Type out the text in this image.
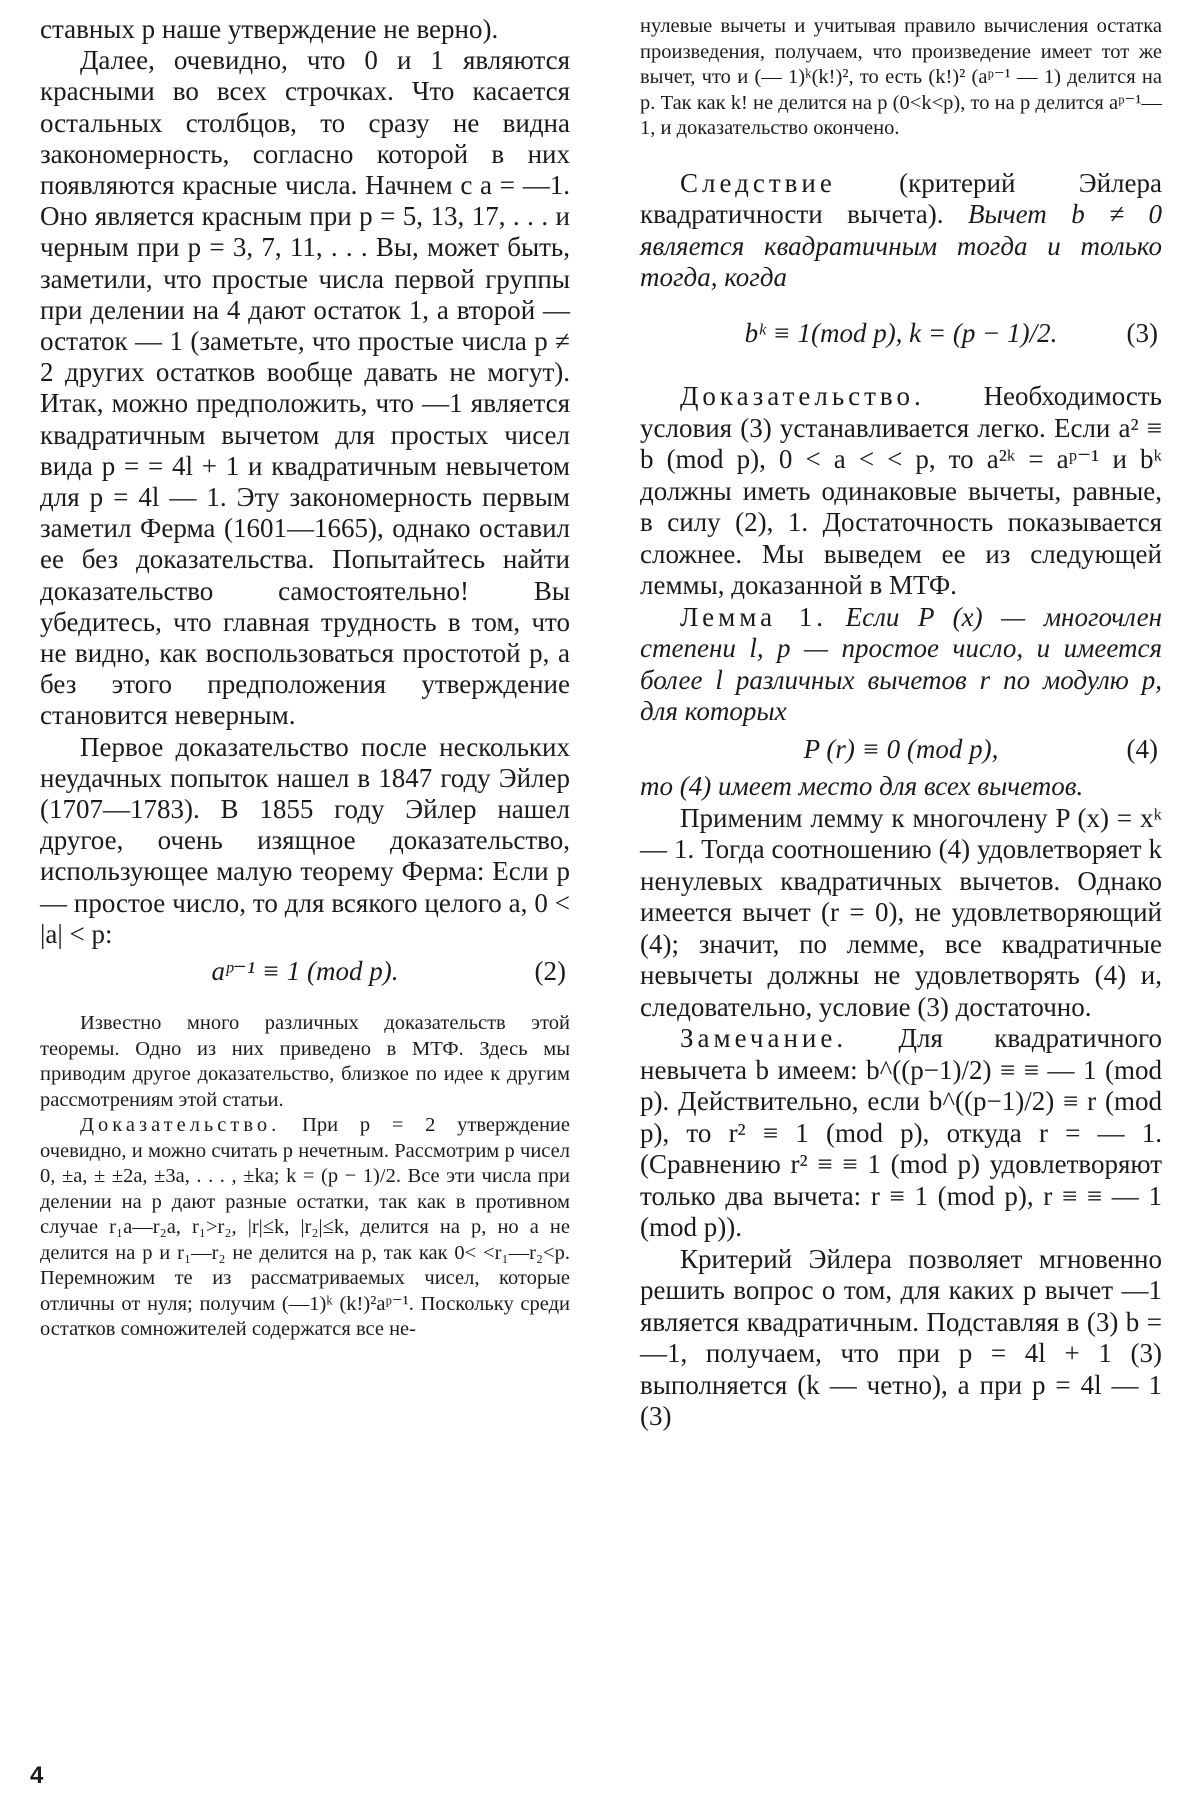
ставных p наше утверждение не верно).

Далее, очевидно, что 0 и 1 являются красными во всех строчках. Что касается остальных столбцов, то сразу не видна закономерность, согласно которой в них появляются красные числа. Начнем с a = —1. Оно является красным при p = 5, 13, 17, . . . и черным при p = 3, 7, 11, . . . Вы, может быть, заметили, что простые числа первой группы при делении на 4 дают остаток 1, а второй — остаток — 1 (заметьте, что простые числа p ≠ 2 других остатков вообще давать не могут). Итак, можно предположить, что —1 является квадратичным вычетом для простых чисел вида p = = 4l + 1 и квадратичным невычетом для p = 4l — 1. Эту закономерность первым заметил Ферма (1601—1665), однако оставил ее без доказательства. Попытайтесь найти доказательство самостоятельно! Вы убедитесь, что главная трудность в том, что не видно, как воспользоваться простотой p, а без этого предположения утверждение становится неверным.

Первое доказательство после нескольких неудачных попыток нашел в 1847 году Эйлер (1707—1783). В 1855 году Эйлер нашел другое, очень изящное доказательство, использующее малую теорему Ферма: Если p — простое число, то для всякого целого a, 0 < |a| < p:

aᵖ⁻¹ ≡ 1 (mod p).	(2)

Известно много различных доказательств этой теоремы. Одно из них приведено в МТФ. Здесь мы приводим другое доказательство, близкое по идее к другим рассмотрениям этой статьи.

Доказательство. При p = 2 утверждение очевидно, и можно считать p нечетным. Рассмотрим p чисел 0, ±a, ± ±2a, ±3a, . . . , ±ka; k = (p − 1)/2. Все эти числа при делении на p дают разные остатки, так как в противном случае r₁a—r₂a, r₁>r₂, |r|≤k, |r₂|≤k, делится на p, но a не делится на p и r₁—r₂ не делится на p, так как 0< <r₁—r₂<p. Перемножим те из рассматриваемых чисел, которые отличны от нуля; получим (—1)ᵏ (k!)²aᵖ⁻¹. Поскольку среди остатков сомножителей содержатся все не-

нулевые вычеты и учитывая правило вычисления остатка произведения, получаем, что произведение имеет тот же вычет, что и (— 1)ᵏ(k!)², то есть (k!)² (aᵖ⁻¹ — 1) делится на p. Так как k! не делится на p (0<k<p), то на p делится aᵖ⁻¹—1, и доказательство окончено.

Следствие (критерий Эйлера квадратичности вычета). Вычет b ≠ 0 является квадратичным тогда и только тогда, когда

bᵏ ≡ 1(mod p), k = (p − 1)/2.	(3)

Доказательство. Необходимость условия (3) устанавливается легко. Если a² ≡ b (mod p), 0 < a < < p, то a²ᵏ = aᵖ⁻¹ и bᵏ должны иметь одинаковые вычеты, равные, в силу (2), 1. Достаточность показывается сложнее. Мы выведем ее из следующей леммы, доказанной в МТФ.

Лемма 1. Если P (x) — многочлен степени l, p — простое число, и имеется более l различных вычетов r по модулю p, для которых

P (r) ≡ 0 (mod p),	(4)

то (4) имеет место для всех вычетов.

Применим лемму к многочлену P (x) = xᵏ — 1. Тогда соотношению (4) удовлетворяет k ненулевых квадратичных вычетов. Однако имеется вычет (r = 0), не удовлетворяющий (4); значит, по лемме, все квадратичные невычеты должны не удовлетворять (4) и, следовательно, условие (3) достаточно.

Замечание. Для квадратичного невычета b имеем: b^((p−1)/2) ≡ ≡ — 1 (mod p). Действительно, если b^((p−1)/2) ≡ r (mod p), то r² ≡ 1 (mod p), откуда r = — 1. (Сравнению r² ≡ ≡ 1 (mod p) удовлетворяют только два вычета: r ≡ 1 (mod p), r ≡ ≡ — 1 (mod p)).

Критерий Эйлера позволяет мгновенно решить вопрос о том, для каких p вычет —1 является квадратичным. Подставляя в (3) b = —1, получаем, что при p = 4l + 1 (3) выполняется (k — четно), а при p = 4l — 1 (3)

4
